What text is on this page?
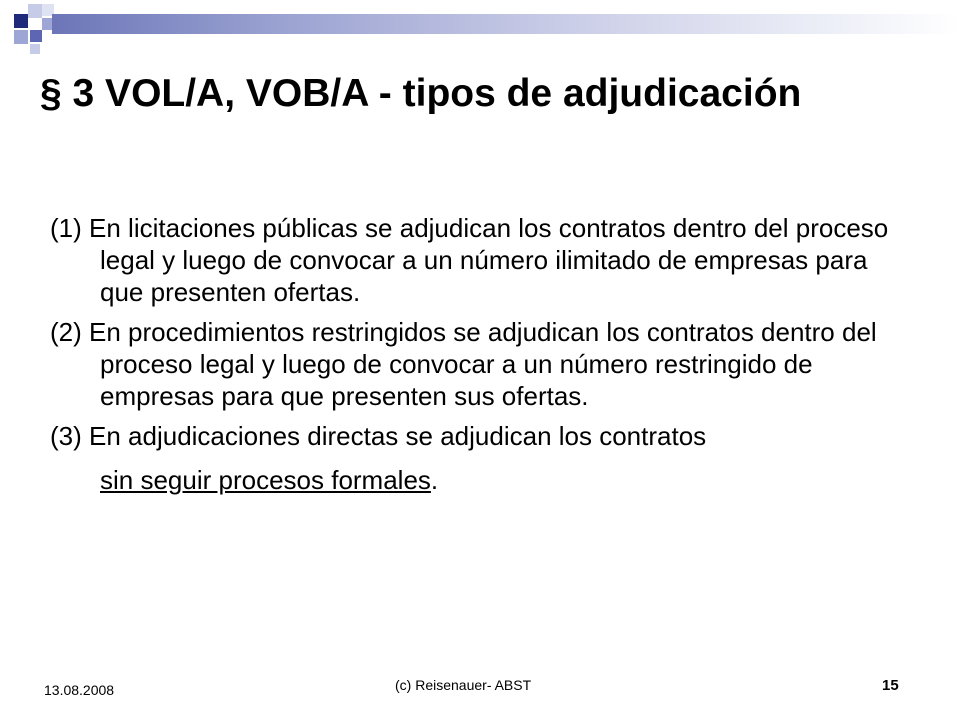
§ 3 VOL/A, VOB/A - tipos de adjudicación

(1) En licitaciones públicas se adjudican los contratos dentro del proceso legal y luego de convocar a un número ilimitado de empresas para que presenten ofertas.

(2) En procedimientos restringidos se adjudican los contratos dentro del proceso legal y luego de convocar a un número restringido de empresas para que presenten sus ofertas.

(3) En adjudicaciones directas se adjudican los contratos

sin seguir procesos formales.

13.08.2008	(c) Reisenauer- ABST	15
